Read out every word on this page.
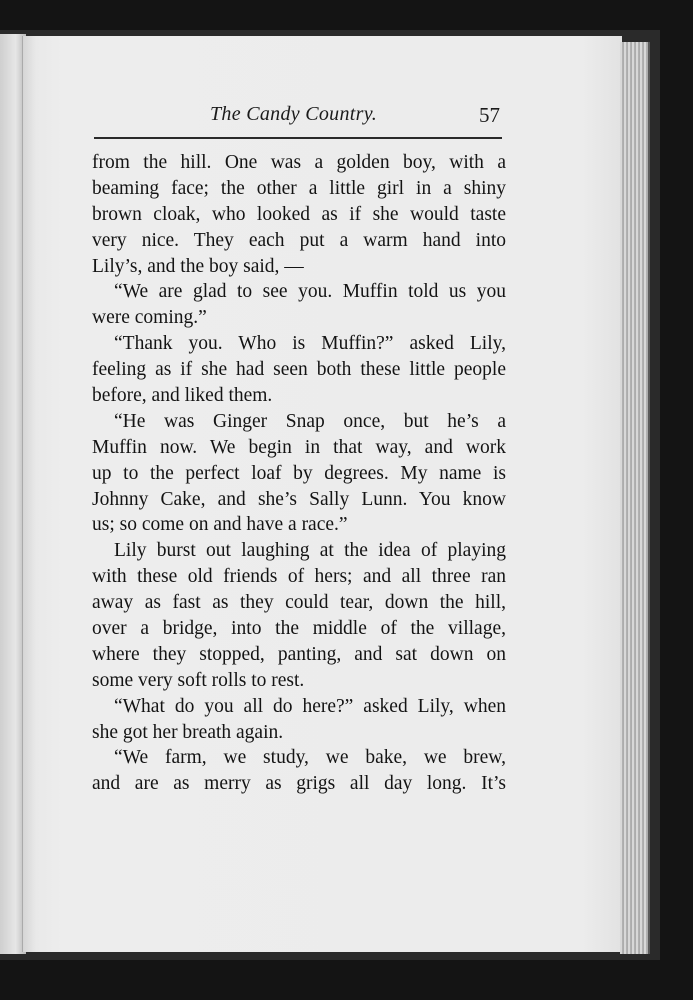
The Candy Country.	57
from the hill. One was a golden boy, with a
beaming face; the other a little girl in a shiny
brown cloak, who looked as if she would taste
very nice. They each put a warm hand into
Lily’s, and the boy said, —
“We are glad to see you. Muffin told us you
were coming.”
“Thank you. Who is Muffin?” asked Lily,
feeling as if she had seen both these little people
before, and liked them.
“He was Ginger Snap once, but he’s a
Muffin now. We begin in that way, and work
up to the perfect loaf by degrees. My name is
Johnny Cake, and she’s Sally Lunn. You know
us; so come on and have a race.”
Lily burst out laughing at the idea of playing
with these old friends of hers; and all three ran
away as fast as they could tear, down the hill,
over a bridge, into the middle of the village,
where they stopped, panting, and sat down on
some very soft rolls to rest.
“What do you all do here?” asked Lily, when
she got her breath again.
“We farm, we study, we bake, we brew,
and are as merry as grigs all day long. It’s
